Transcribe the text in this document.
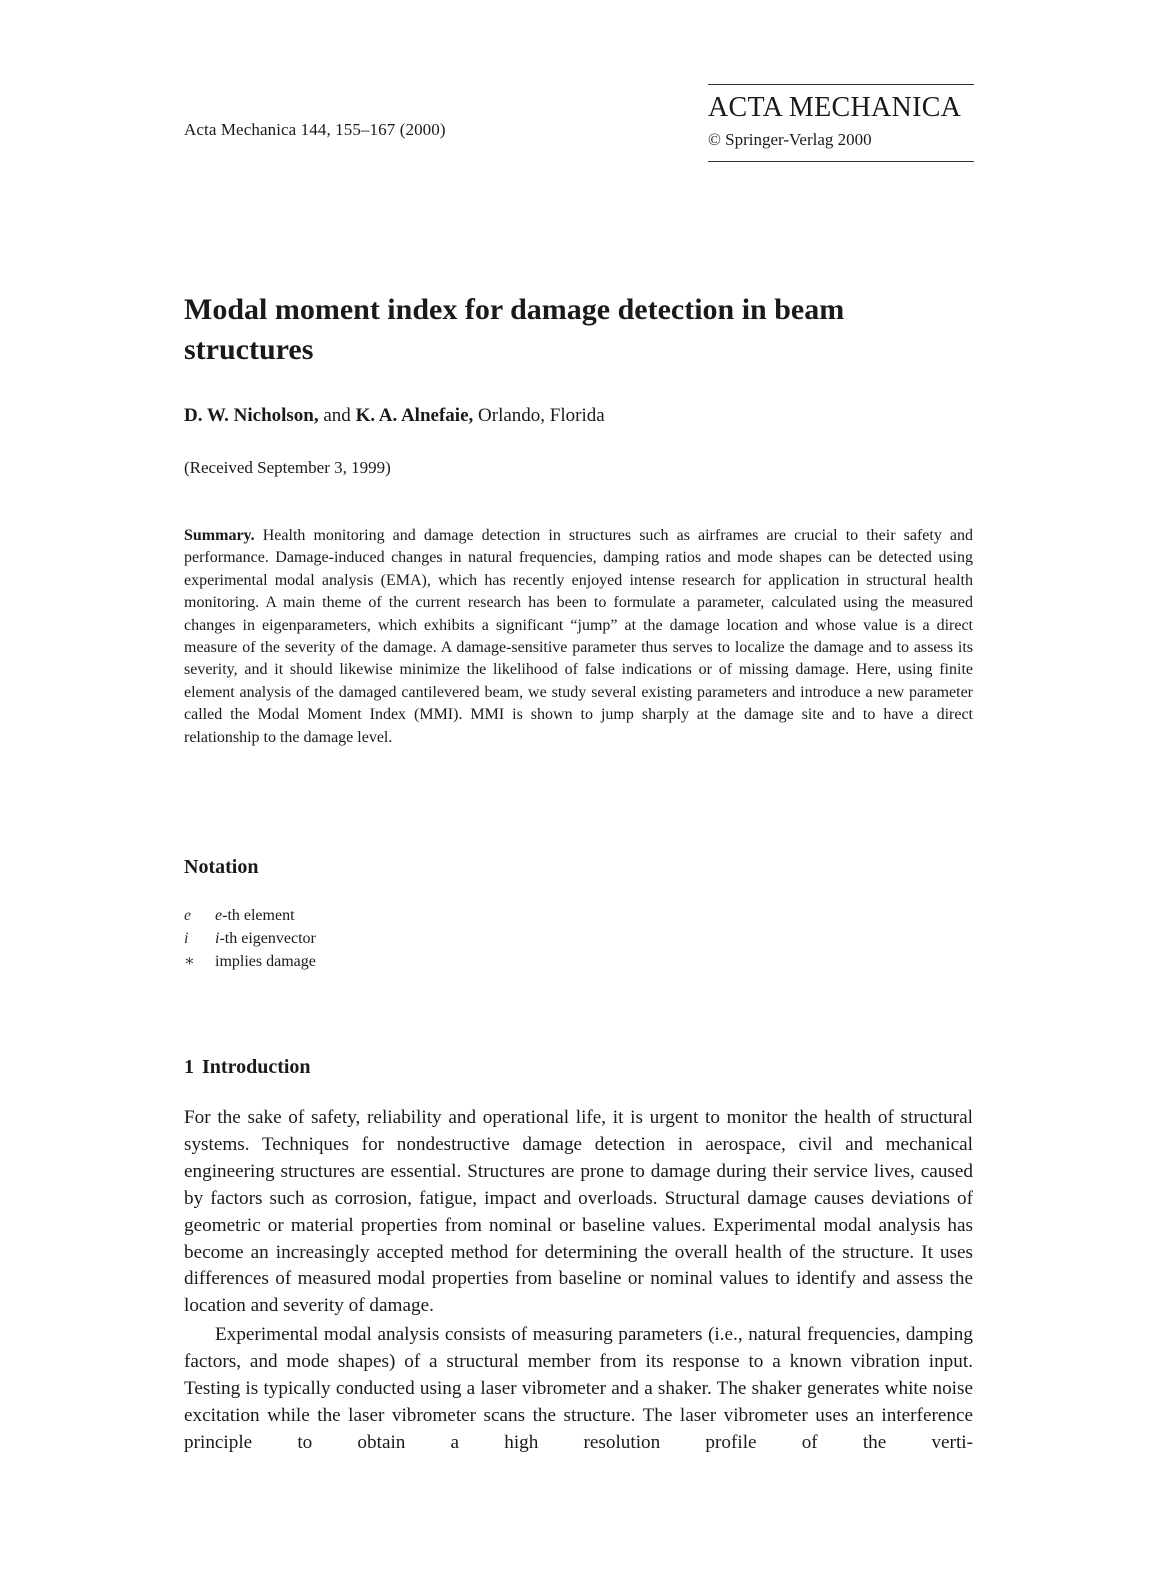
Acta Mechanica 144, 155–167 (2000)
ACTA MECHANICA
© Springer-Verlag 2000
Modal moment index for damage detection in beam structures
D. W. Nicholson, and K. A. Alnefaie, Orlando, Florida
(Received September 3, 1999)

Summary. Health monitoring and damage detection in structures such as airframes are crucial to their safety and performance. Damage-induced changes in natural frequencies, damping ratios and mode shapes can be detected using experimental modal analysis (EMA), which has recently enjoyed intense research for application in structural health monitoring. A main theme of the current research has been to formulate a parameter, calculated using the measured changes in eigenparameters, which exhibits a significant “jump” at the damage location and whose value is a direct measure of the severity of the damage. A damage-sensitive parameter thus serves to localize the damage and to assess its severity, and it should likewise minimize the likelihood of false indications or of missing damage. Here, using finite element analysis of the damaged cantilevered beam, we study several existing parameters and introduce a new parameter called the Modal Moment Index (MMI). MMI is shown to jump sharply at the damage site and to have a direct relationship to the damage level.

Notation
e	e-th element
i	i-th eigenvector
∗	implies damage
1 Introduction

For the sake of safety, reliability and operational life, it is urgent to monitor the health of structural systems. Techniques for nondestructive damage detection in aerospace, civil and mechanical engineering structures are essential. Structures are prone to damage during their service lives, caused by factors such as corrosion, fatigue, impact and overloads. Structural damage causes deviations of geometric or material properties from nominal or baseline values. Experimental modal analysis has become an increasingly accepted method for determining the overall health of the structure. It uses differences of measured modal properties from baseline or nominal values to identify and assess the location and severity of damage.

Experimental modal analysis consists of measuring parameters (i.e., natural frequencies, damping factors, and mode shapes) of a structural member from its response to a known vibration input. Testing is typically conducted using a laser vibrometer and a shaker. The shaker generates white noise excitation while the laser vibrometer scans the structure. The laser vibrometer uses an interference principle to obtain a high resolution profile of the verti-
